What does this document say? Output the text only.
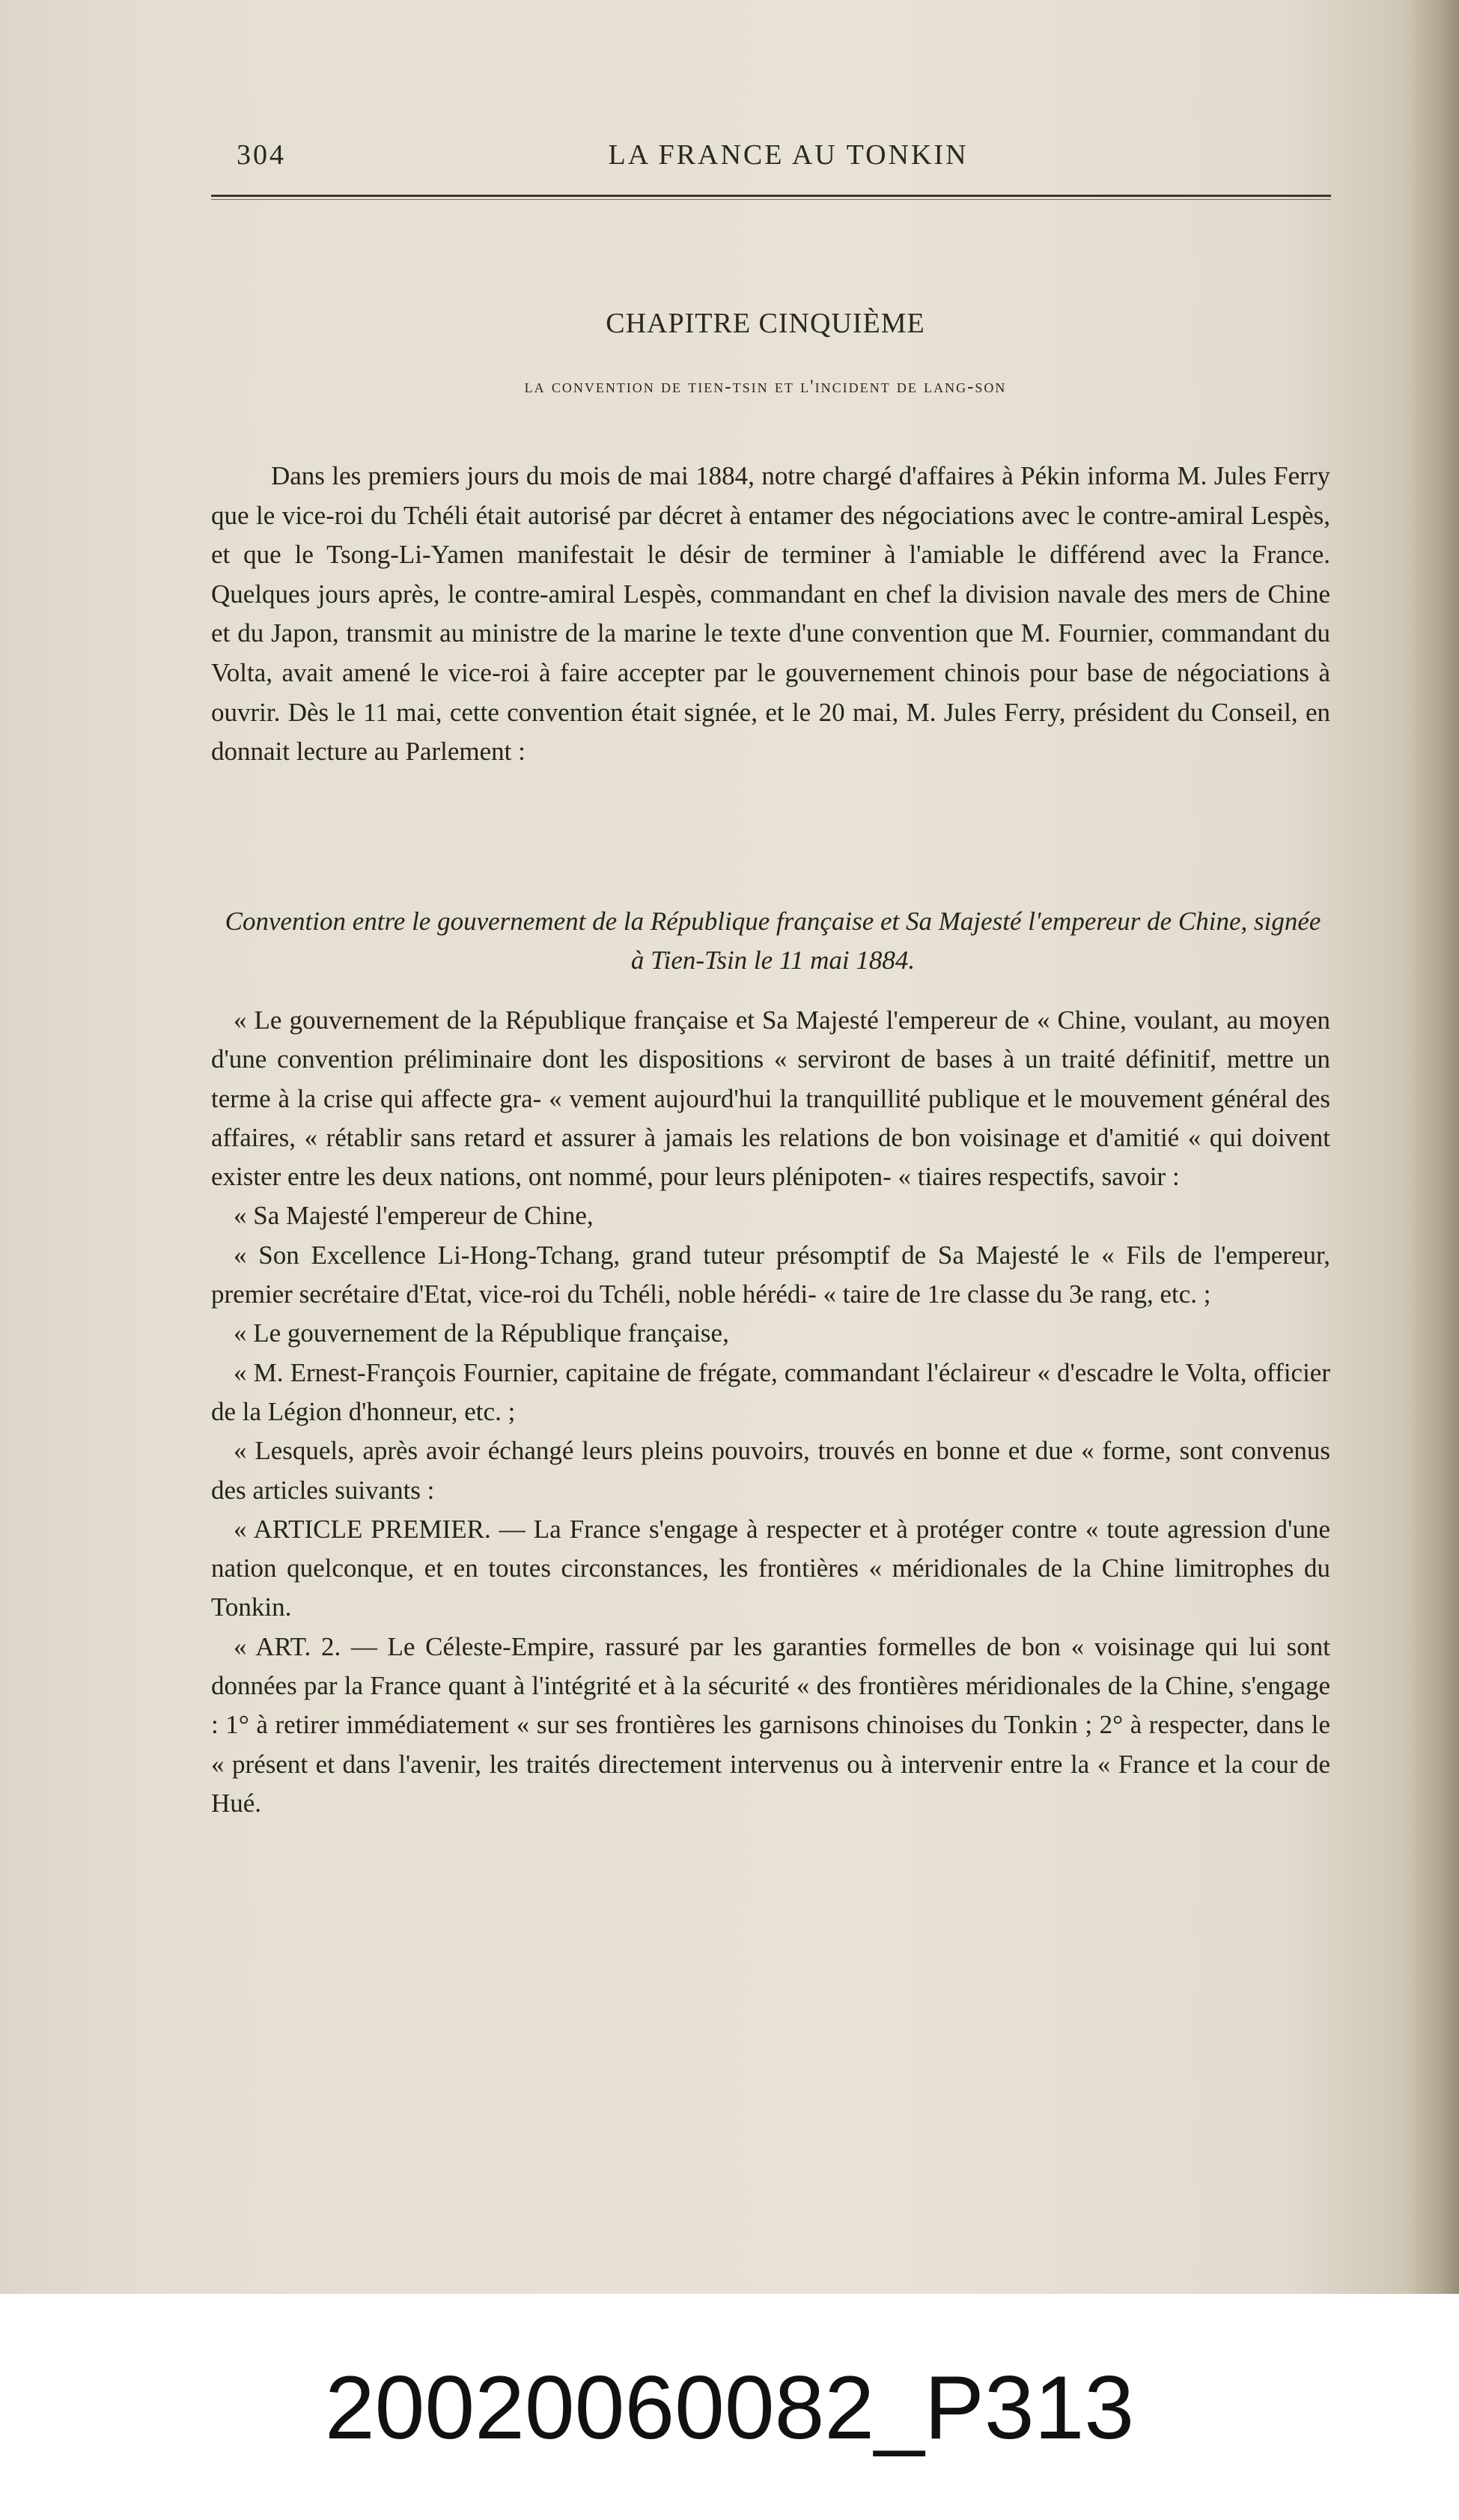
304	LA FRANCE AU TONKIN
CHAPITRE CINQUIÈME
la convention de tien-tsin et l'incident de lang-son
Dans les premiers jours du mois de mai 1884, notre chargé d'affaires à Pékin informa M. Jules Ferry que le vice-roi du Tchéli était autorisé par décret à entamer des négociations avec le contre-amiral Lespès, et que le Tsong-Li-Yamen manifestait le désir de terminer à l'amiable le différend avec la France. Quelques jours après, le contre-amiral Lespès, commandant en chef la division navale des mers de Chine et du Japon, transmit au ministre de la marine le texte d'une convention que M. Fournier, commandant du Volta, avait amené le vice-roi à faire accepter par le gouvernement chinois pour base de négociations à ouvrir. Dès le 11 mai, cette convention était signée, et le 20 mai, M. Jules Ferry, président du Conseil, en donnait lecture au Parlement :
Convention entre le gouvernement de la République française et Sa Majesté l'empereur de Chine, signée à Tien-Tsin le 11 mai 1884.

« Le gouvernement de la République française et Sa Majesté l'empereur de « Chine, voulant, au moyen d'une convention préliminaire dont les dispositions « serviront de bases à un traité définitif, mettre un terme à la crise qui affecte gra- « vement aujourd'hui la tranquillité publique et le mouvement général des affaires, « rétablir sans retard et assurer à jamais les relations de bon voisinage et d'amitié « qui doivent exister entre les deux nations, ont nommé, pour leurs plénipoten- « tiaires respectifs, savoir :

« Sa Majesté l'empereur de Chine,

« Son Excellence Li-Hong-Tchang, grand tuteur présomptif de Sa Majesté le « Fils de l'empereur, premier secrétaire d'Etat, vice-roi du Tchéli, noble hérédi- « taire de 1re classe du 3e rang, etc. ;

« Le gouvernement de la République française,

« M. Ernest-François Fournier, capitaine de frégate, commandant l'éclaireur « d'escadre le Volta, officier de la Légion d'honneur, etc. ;

« Lesquels, après avoir échangé leurs pleins pouvoirs, trouvés en bonne et due « forme, sont convenus des articles suivants :

« ARTICLE PREMIER. — La France s'engage à respecter et à protéger contre « toute agression d'une nation quelconque, et en toutes circonstances, les frontières « méridionales de la Chine limitrophes du Tonkin.

« ART. 2. — Le Céleste-Empire, rassuré par les garanties formelles de bon « voisinage qui lui sont données par la France quant à l'intégrité et à la sécurité « des frontières méridionales de la Chine, s'engage : 1° à retirer immédiatement « sur ses frontières les garnisons chinoises du Tonkin ; 2° à respecter, dans le « présent et dans l'avenir, les traités directement intervenus ou à intervenir entre la « France et la cour de Hué.

20020060082_P313
